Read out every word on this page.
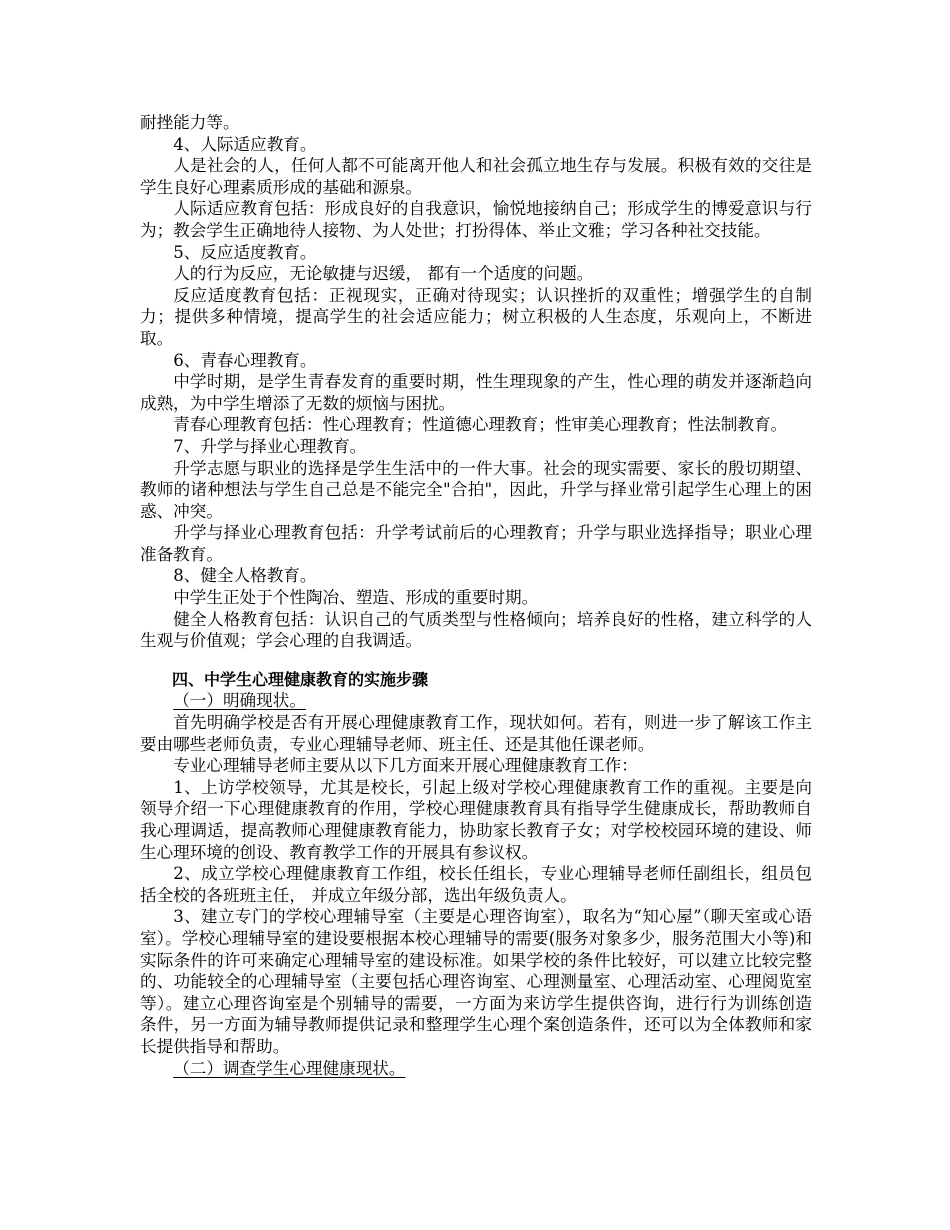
耐挫能力等。

4、人际适应教育。

人是社会的人，任何人都不可能离开他人和社会孤立地生存与发展。积极有效的交往是学生良好心理素质形成的基础和源泉。

人际适应教育包括：形成良好的自我意识，愉悦地接纳自己；形成学生的博爱意识与行为；教会学生正确地待人接物、为人处世；打扮得体、举止文雅；学习各种社交技能。

5、反应适度教育。

人的行为反应，无论敏捷与迟缓， 都有一个适度的问题。

反应适度教育包括：正视现实，正确对待现实；认识挫折的双重性；增强学生的自制力；提供多种情境，提高学生的社会适应能力；树立积极的人生态度，乐观向上，不断进取。

6、青春心理教育。

中学时期，是学生青春发育的重要时期，性生理现象的产生，性心理的萌发并逐渐趋向成熟，为中学生增添了无数的烦恼与困扰。

青春心理教育包括：性心理教育；性道德心理教育；性审美心理教育；性法制教育。

7、升学与择业心理教育。

升学志愿与职业的选择是学生生活中的一件大事。社会的现实需要、家长的殷切期望、教师的诸种想法与学生自己总是不能完全"合拍"，因此，升学与择业常引起学生心理上的困惑、冲突。

升学与择业心理教育包括：升学考试前后的心理教育；升学与职业选择指导；职业心理准备教育。

8、健全人格教育。

中学生正处于个性陶冶、塑造、形成的重要时期。

健全人格教育包括：认识自己的气质类型与性格倾向；培养良好的性格，建立科学的人生观与价值观；学会心理的自我调适。

四、中学生心理健康教育的实施步骤

（一）明确现状。

首先明确学校是否有开展心理健康教育工作，现状如何。若有，则进一步了解该工作主要由哪些老师负责，专业心理辅导老师、班主任、还是其他任课老师。

专业心理辅导老师主要从以下几方面来开展心理健康教育工作：

1、上访学校领导，尤其是校长，引起上级对学校心理健康教育工作的重视。主要是向领导介绍一下心理健康教育的作用，学校心理健康教育具有指导学生健康成长，帮助教师自我心理调适，提高教师心理健康教育能力，协助家长教育子女；对学校校园环境的建设、师生心理环境的创设、教育教学工作的开展具有参议权。

2、成立学校心理健康教育工作组，校长任组长，专业心理辅导老师任副组长，组员包括全校的各班班主任， 并成立年级分部，选出年级负责人。

3、建立专门的学校心理辅导室（主要是心理咨询室），取名为“知心屋”（聊天室或心语室）。学校心理辅导室的建设要根据本校心理辅导的需要(服务对象多少，服务范围大小等)和实际条件的许可来确定心理辅导室的建设标准。如果学校的条件比较好，可以建立比较完整的、功能较全的心理辅导室（主要包括心理咨询室、心理测量室、心理活动室、心理阅览室等）。建立心理咨询室是个别辅导的需要，一方面为来访学生提供咨询，进行行为训练创造条件，另一方面为辅导教师提供记录和整理学生心理个案创造条件，还可以为全体教师和家长提供指导和帮助。

（二）调查学生心理健康现状。
